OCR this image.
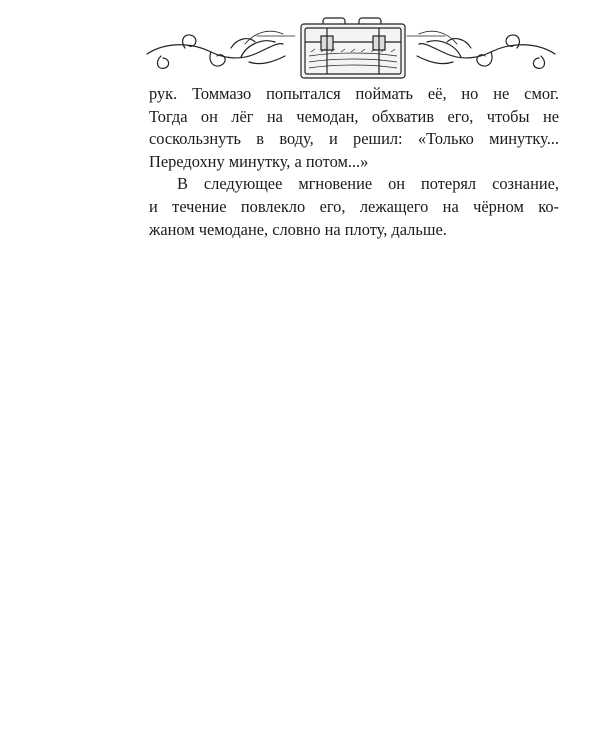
рук. Томмазо попытался поймать её, но не смог.
Тогда он лёг на чемодан, обхватив его, чтобы не
соскользнуть в воду, и решил: «Только минутку...
Передохну минутку, а потом...»
В следующее мгновение он потерял сознание,
и течение повлекло его, лежащего на чёрном ко-
жаном чемодане, словно на плоту, дальше.
